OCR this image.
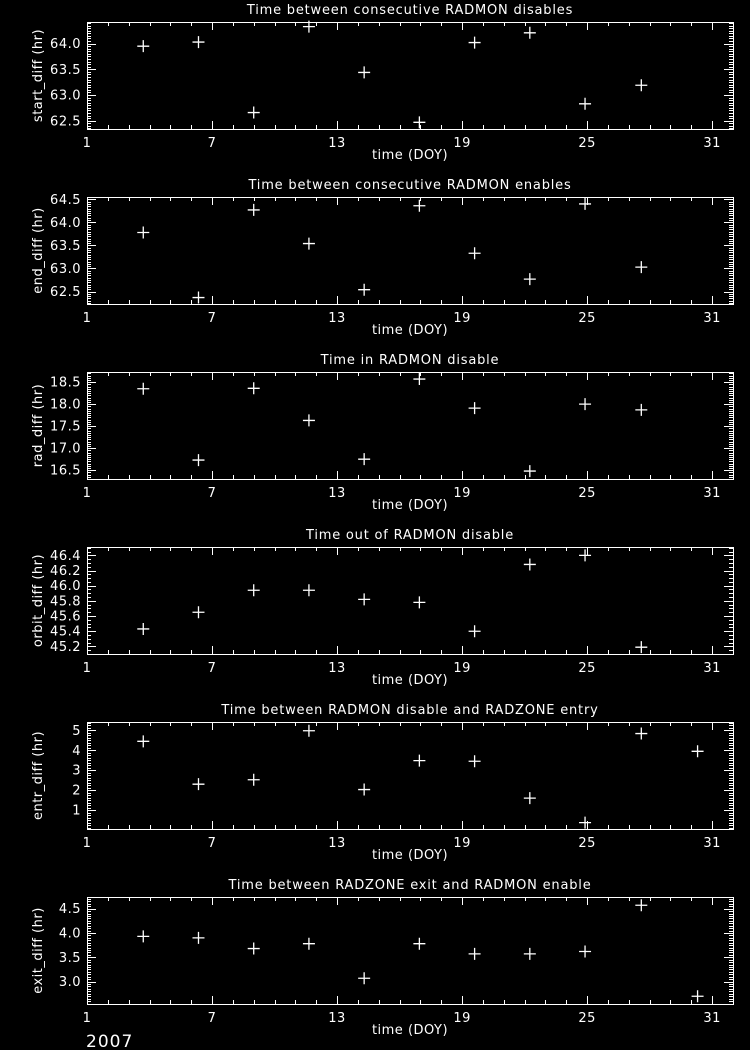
62.5
63.0
63.5
64.0
1	7	13	19	25	31
Time between consecutive RADMON disables
time (DOY)
start_diff (hr)
62.5
63.0
63.5
64.0
64.5
1	7	13	19	25	31
Time between consecutive RADMON enables
time (DOY)
end_diff (hr)
16.5
17.0
17.5
18.0
18.5
1	7	13	19	25	31
Time in RADMON disable
time (DOY)
rad_diff (hr)
45.2
45.4
45.6
45.8
46.0
46.2
46.4
1	7	13	19	25	31
Time out of RADMON disable
time (DOY)
orbit_diff (hr)
1
2
3
4
5
1	7	13	19	25	31
Time between RADMON disable and RADZONE entry
time (DOY)
entr_diff (hr)
3.0
3.5
4.0
4.5
1	7	13	19	25	31
Time between RADZONE exit and RADMON enable
time (DOY)
exit_diff (hr)
2007
